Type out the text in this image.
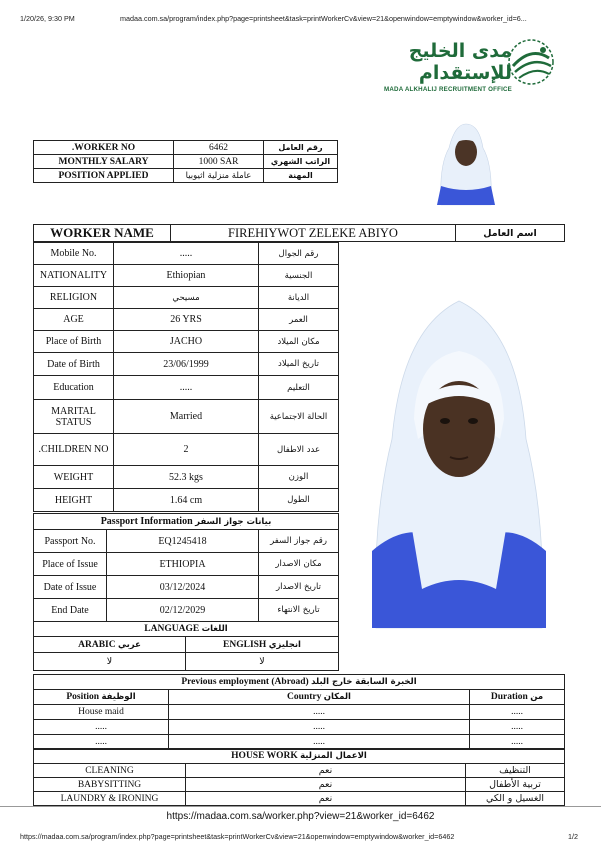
1/20/26, 9:30 PM	madaa.com.sa/program/index.php?page=printsheet&task=printWorkerCv&view=21&openwindow=emptywindow&worker_id=6...
مدى الخليج للإستقدام
MADA ALKHALIJ RECRUITMENT OFFICE
.WORKER NO	6462	رقم العامل
MONTHLY SALARY	1000 SAR	الراتب الشهري
POSITION APPLIED	عاملة منزلية اثيوبيا	المهنة
WORKER NAME	FIREHIYWOT ZELEKE ABIYO	اسم العامل
Mobile No.	.....	رقم الجوال
NATIONALITY	Ethiopian	الجنسية
RELIGION	مسيحي	الديانة
AGE	26 YRS	العمر
Place of Birth	JACHO	مكان الميلاد
Date of Birth	23/06/1999	تاريخ الميلاد
Education	.....	التعليم
MARITAL STATUS	Married	الحالة الاجتماعية
.CHILDREN NO	2	عدد الاطفال
WEIGHT	52.3 kgs	الوزن
HEIGHT	1.64 cm	الطول
Passport Information بيانات جواز السفر		
Passport No.	EQ1245418	رقم جواز السفر
Place of Issue	ETHIOPIA	مكان الاصدار
Date of Issue	03/12/2024	تاريخ الاصدار
End Date	02/12/2029	تاريخ الانتهاء
LANGUAGE اللغات	
ARABIC عربي	ENGLISH انجليزي
لا	لا
Previous employment (Abroad) الخبرة السابقة خارج البلد		
Position الوظيفة	Country المكان	Duration من
House maid	.....	.....
.....	.....	.....
.....	.....	.....
HOUSE WORK الاعمال المنزلية		
CLEANING	نعم	التنظيف
BABYSITTING	نعم	تربية الأطفال
LAUNDRY & IRONING	نعم	الغسيل و الكي

https://madaa.com.sa/worker.php?view=21&worker_id=6462
https://madaa.com.sa/program/index.php?page=printsheet&task=printWorkerCv&view=21&openwindow=emptywindow&worker_id=6462	1/2
